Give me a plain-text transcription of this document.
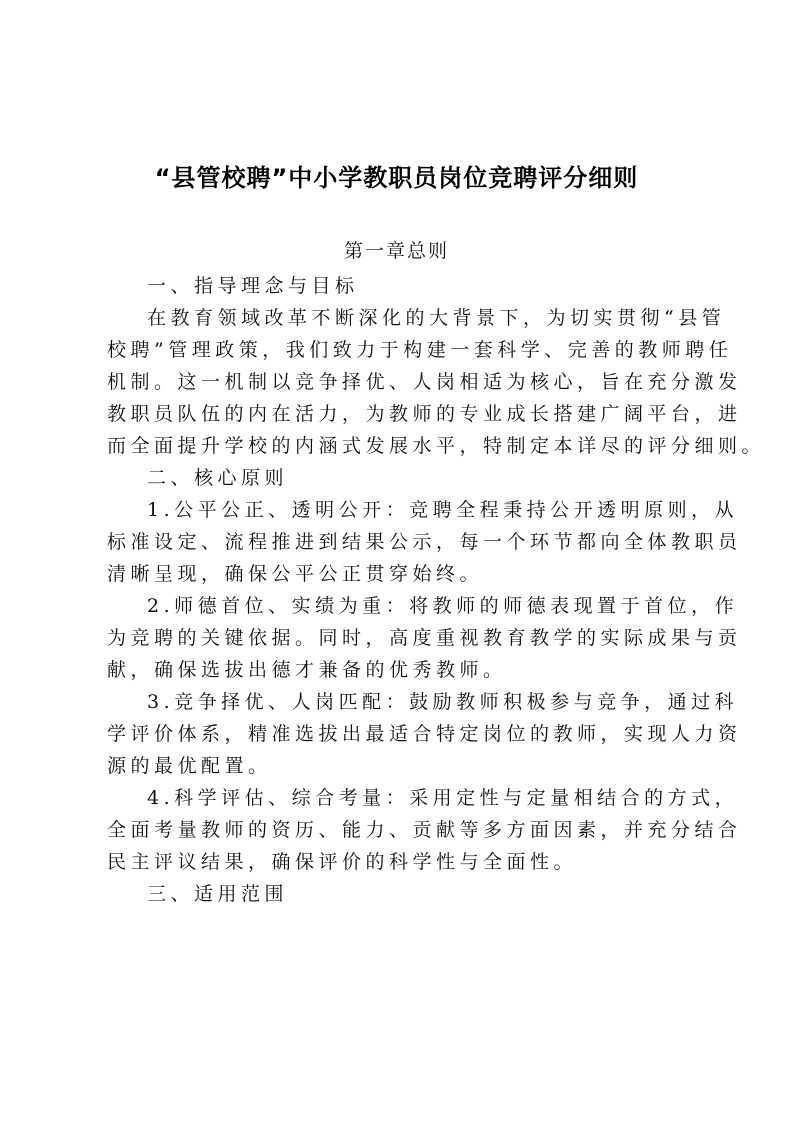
“县管校聘”中小学教职员岗位竞聘评分细则
第一章总则
一、指导理念与目标
在教育领域改革不断深化的大背景下，为切实贯彻“县管
校聘”管理政策，我们致力于构建一套科学、完善的教师聘任
机制。这一机制以竞争择优、人岗相适为核心，旨在充分激发
教职员队伍的内在活力，为教师的专业成长搭建广阔平台，进
而全面提升学校的内涵式发展水平，特制定本详尽的评分细则。
二、核心原则
1.公平公正、透明公开：竞聘全程秉持公开透明原则，从
标准设定、流程推进到结果公示，每一个环节都向全体教职员
清晰呈现，确保公平公正贯穿始终。
2.师德首位、实绩为重：将教师的师德表现置于首位，作
为竞聘的关键依据。同时，高度重视教育教学的实际成果与贡
献，确保选拔出德才兼备的优秀教师。
3.竞争择优、人岗匹配：鼓励教师积极参与竞争，通过科
学评价体系，精准选拔出最适合特定岗位的教师，实现人力资
源的最优配置。
4.科学评估、综合考量：采用定性与定量相结合的方式，
全面考量教师的资历、能力、贡献等多方面因素，并充分结合
民主评议结果，确保评价的科学性与全面性。
三、适用范围
